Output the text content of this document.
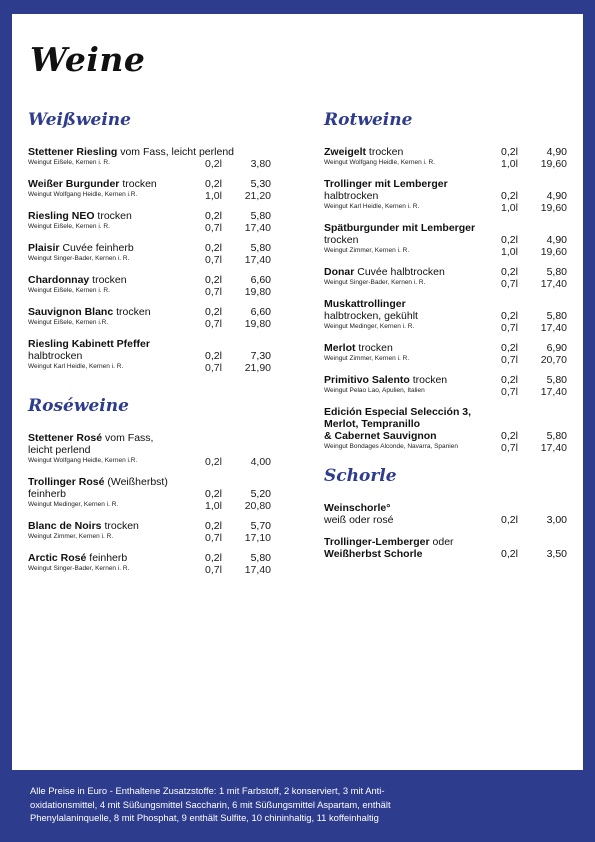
Weine
Weißweine
Stettener Riesling vom Fass, leicht perlend
Weingut Eißele, Kernen i. R.	0,2l	3,80
Weißer Burgunder trocken	0,2l	5,30
Weingut Wolfgang Heidle, Kernen i.R.	1,0l 21,20
Riesling NEO trocken	0,2l	5,80
Weingut Eißele, Kernen i. R.	0,7l 17,40
Plaisir Cuvée feinherb	0,2l	5,80
Weingut Singer-Bader, Kernen i. R.	0,7l 17,40
Chardonnay trocken	0,2l	6,60
Weingut Eißele, Kernen i. R.	0,7l 19,80
Sauvignon Blanc trocken	0,2l	6,60
Weingut Eißele, Kernen i.R.	0,7l 19,80
Riesling Kabinett Pfeffer
halbtrocken	0,2l	7,30
Weingut Karl Heidle, Kernen i. R.	0,7l 21,90
Roséweine
Stettener Rosé vom Fass,
leicht perlend
Weingut Wolfgang Heidle, Kernen i.R.	0,2l	4,00
Trollinger Rosé (Weißherbst)
feinherb	0,2l	5,20
Weingut Medinger, Kernen i. R.	1,0l 20,80
Blanc de Noirs trocken	0,2l	5,70
Weingut Zimmer, Kernen i. R.	0,7l 17,10
Arctic Rosé feinherb	0,2l	5,80
Weingut Singer-Bader, Kernen i. R.	0,7l 17,40
Rotweine
Zweigelt trocken	0,2l	4,90
Weingut Wolfgang Heidle, Kernen i. R.	1,0l 19,60
Trollinger mit Lemberger
halbtrocken	0,2l	4,90
Weingut Karl Heidle, Kernen i. R.	1,0l 19,60
Spätburgunder mit Lemberger
trocken	0,2l	4,90
Weingut Zimmer, Kernen i. R.	1,0l 19,60
Donar Cuvée halbtrocken	0,2l	5,80
Weingut Singer-Bader, Kernen i. R.	0,7l 17,40
Muskattrollinger
halbtrocken, gekühlt	0,2l	5,80
Weingut Medinger, Kernen i. R.	0,7l 17,40
Merlot trocken	0,2l	6,90
Weingut Zimmer, Kernen i. R.	0,7l 20,70
Primitivo Salento trocken	0,2l	5,80
Weingut Pelao Lao, Apulien, Italien	0,7l 17,40
Edición Especial Selección 3,
Merlot, Tempranillo
& Cabernet Sauvignon	0,2l	5,80
Weingut Bondages Alconde, Navarra, Spanien	0,7l 17,40
Schorle
Weinschorle°
weiß oder rosé	0,2l	3,00
Trollinger-Lemberger oder
Weißherbst Schorle	0,2l	3,50
Alle Preise in Euro - Enthaltene Zusatzstoffe: 1 mit Farbstoff, 2 konserviert, 3 mit Anti-
oxidationsmittel, 4 mit Süßungsmittel Saccharin, 6 mit Süßungsmittel Aspartam, enthält
Phenylalaninquelle, 8 mit Phosphat, 9 enthält Sulfite, 10 chininhaltig, 11 koffeinhaltig
